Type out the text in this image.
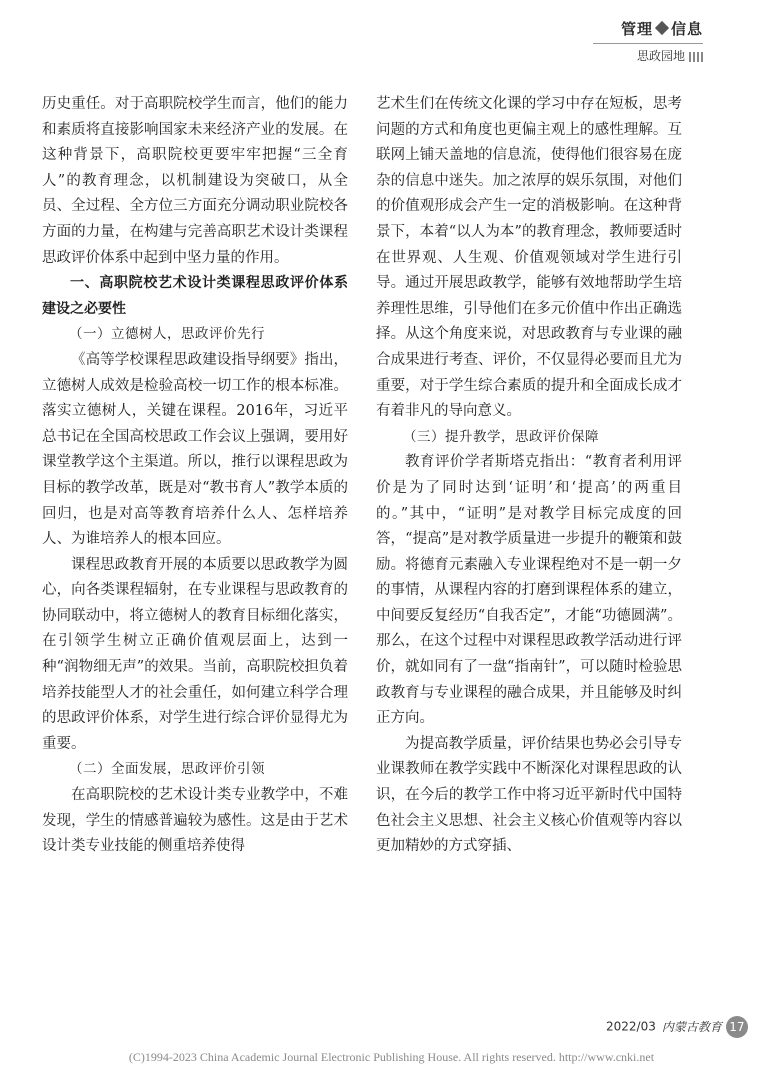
管理 信息
思政园地

历史重任。对于高职院校学生而言，他们的能力和素质将直接影响国家未来经济产业的发展。在这种背景下，高职院校更要牢牢把握“三全育人”的教育理念，以机制建设为突破口，从全员、全过程、全方位三方面充分调动职业院校各方面的力量，在构建与完善高职艺术设计类课程思政评价体系中起到中坚力量的作用。

一、高职院校艺术设计类课程思政评价体系建设之必要性

（一）立德树人，思政评价先行

《高等学校课程思政建设指导纲要》指出，立德树人成效是检验高校一切工作的根本标准。落实立德树人，关键在课程。2016年，习近平总书记在全国高校思政工作会议上强调，要用好课堂教学这个主渠道。所以，推行以课程思政为目标的教学改革，既是对“教书育人”教学本质的回归，也是对高等教育培养什么人、怎样培养人、为谁培养人的根本回应。

课程思政教育开展的本质要以思政教学为圆心，向各类课程辐射，在专业课程与思政教育的协同联动中，将立德树人的教育目标细化落实，在引领学生树立正确价值观层面上，达到一种“润物细无声”的效果。当前，高职院校担负着培养技能型人才的社会重任，如何建立科学合理的思政评价体系，对学生进行综合评价显得尤为重要。

（二）全面发展，思政评价引领

在高职院校的艺术设计类专业教学中，不难发现，学生的情感普遍较为感性。这是由于艺术设计类专业技能的侧重培养使得

艺术生们在传统文化课的学习中存在短板，思考问题的方式和角度也更偏主观上的感性理解。互联网上铺天盖地的信息流，使得他们很容易在庞杂的信息中迷失。加之浓厚的娱乐氛围，对他们的价值观形成会产生一定的消极影响。在这种背景下，本着“以人为本”的教育理念，教师要适时在世界观、人生观、价值观领域对学生进行引导。通过开展思政教学，能够有效地帮助学生培养理性思维，引导他们在多元价值中作出正确选择。从这个角度来说，对思政教育与专业课的融合成果进行考查、评价，不仅显得必要而且尤为重要，对于学生综合素质的提升和全面成长成才有着非凡的导向意义。

（三）提升教学，思政评价保障

教育评价学者斯塔克指出：“教育者利用评价是为了同时达到‘证明’和‘提高’的两重目的。”其中，“证明”是对教学目标完成度的回答，“提高”是对教学质量进一步提升的鞭策和鼓励。将德育元素融入专业课程绝对不是一朝一夕的事情，从课程内容的打磨到课程体系的建立，中间要反复经历“自我否定”，才能“功德圆满”。那么，在这个过程中对课程思政教学活动进行评价，就如同有了一盘“指南针”，可以随时检验思政教育与专业课程的融合成果，并且能够及时纠正方向。

为提高教学质量，评价结果也势必会引导专业课教师在教学实践中不断深化对课程思政的认识，在今后的教学工作中将习近平新时代中国特色社会主义思想、社会主义核心价值观等内容以更加精妙的方式穿插、

2022/03 内蒙古教育 17
(C)1994-2023 China Academic Journal Electronic Publishing House. All rights reserved. http://www.cnki.net
